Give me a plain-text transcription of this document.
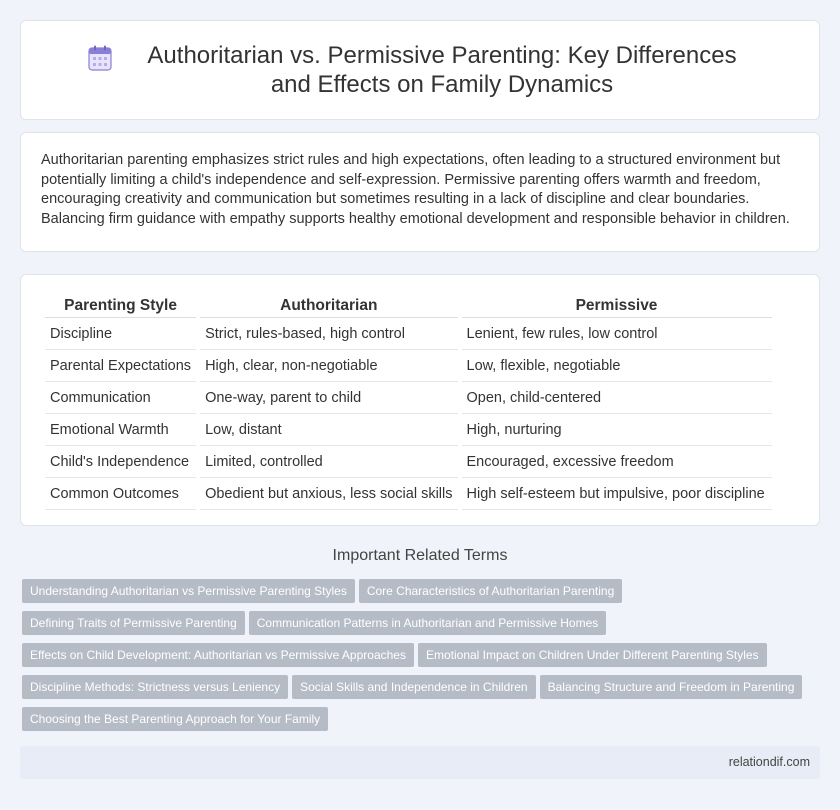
Authoritarian vs. Permissive Parenting: Key Differences and Effects on Family Dynamics
Authoritarian parenting emphasizes strict rules and high expectations, often leading to a structured environment but potentially limiting a child's independence and self-expression. Permissive parenting offers warmth and freedom, encouraging creativity and communication but sometimes resulting in a lack of discipline and clear boundaries. Balancing firm guidance with empathy supports healthy emotional development and responsible behavior in children.
Parenting Style	Authoritarian	Permissive
Discipline	Strict, rules-based, high control	Lenient, few rules, low control
Parental Expectations	High, clear, non-negotiable	Low, flexible, negotiable
Communication	One-way, parent to child	Open, child-centered
Emotional Warmth	Low, distant	High, nurturing
Child's Independence	Limited, controlled	Encouraged, excessive freedom
Common Outcomes	Obedient but anxious, less social skills	High self-esteem but impulsive, poor discipline
Important Related Terms
Understanding Authoritarian vs Permissive Parenting Styles Core Characteristics of Authoritarian Parenting
Defining Traits of Permissive Parenting Communication Patterns in Authoritarian and Permissive Homes
Effects on Child Development: Authoritarian vs Permissive Approaches Emotional Impact on Children Under Different Parenting Styles
Discipline Methods: Strictness versus Leniency Social Skills and Independence in Children Balancing Structure and Freedom in Parenting
Choosing the Best Parenting Approach for Your Family
relationdif.com
